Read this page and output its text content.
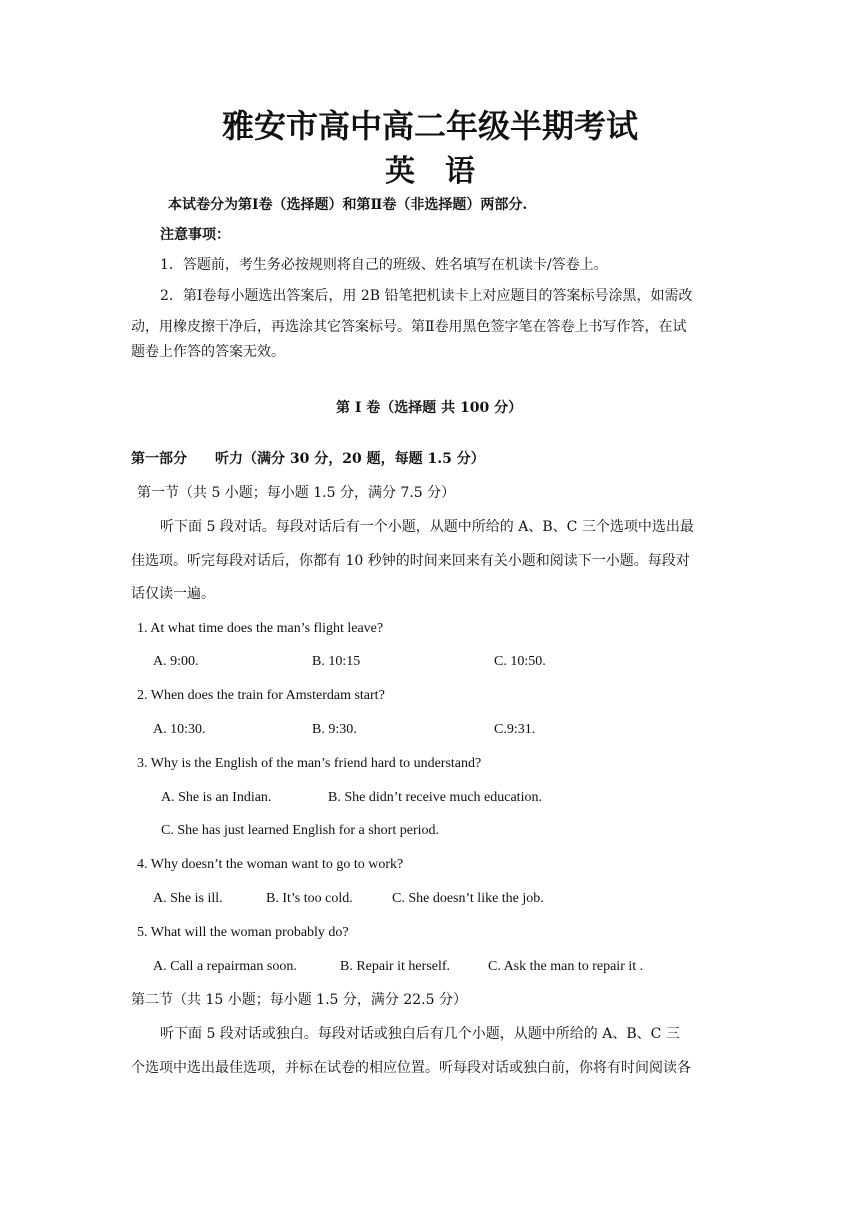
雅安市高中高二年级半期考试
英　语
本试卷分为第Ⅰ卷（选择题）和第Ⅱ卷（非选择题）两部分.
注意事项：
1．答题前，考生务必按规则将自己的班级、姓名填写在机读卡/答卷上。
2．第Ⅰ卷每小题选出答案后，用 2B 铅笔把机读卡上对应题目的答案标号涂黑，如需改
动，用橡皮擦干净后，再选涂其它答案标号。第Ⅱ卷用黑色签字笔在答卷上书写作答，在试
题卷上作答的答案无效。
第 I 卷（选择题 共 100 分）
第一部分　　听力（满分 30 分，20 题，每题 1.5 分）
第一节（共 5 小题；每小题 1.5 分，满分 7.5 分）
听下面 5 段对话。每段对话后有一个小题，从题中所给的 A、B、C 三个选项中选出最
佳选项。听完每段对话后，你都有 10 秒钟的时间来回来有关小题和阅读下一小题。每段对
话仅读一遍。
1. At what time does the man’s flight leave?
A. 9:00.	B. 10:15	C. 10:50.
2. When does the train for Amsterdam start?
A. 10:30.	B. 9:30.	C.9:31.
3. Why is the English of the man’s friend hard to understand?
A. She is an Indian.	B. She didn’t receive much education.
C. She has just learned English for a short period.
4. Why doesn’t the woman want to go to work?
A. She is ill.	B. It’s too cold.	C. She doesn’t like the job.
5. What will the woman probably do?
A. Call a repairman soon.	B. Repair it herself.	C. Ask the man to repair it .
第二节（共 15 小题；每小题 1.5 分，满分 22.5 分）
听下面 5 段对话或独白。每段对话或独白后有几个小题，从题中所给的 A、B、C 三
个选项中选出最佳选项，并标在试卷的相应位置。听每段对话或独白前，你将有时间阅读各
